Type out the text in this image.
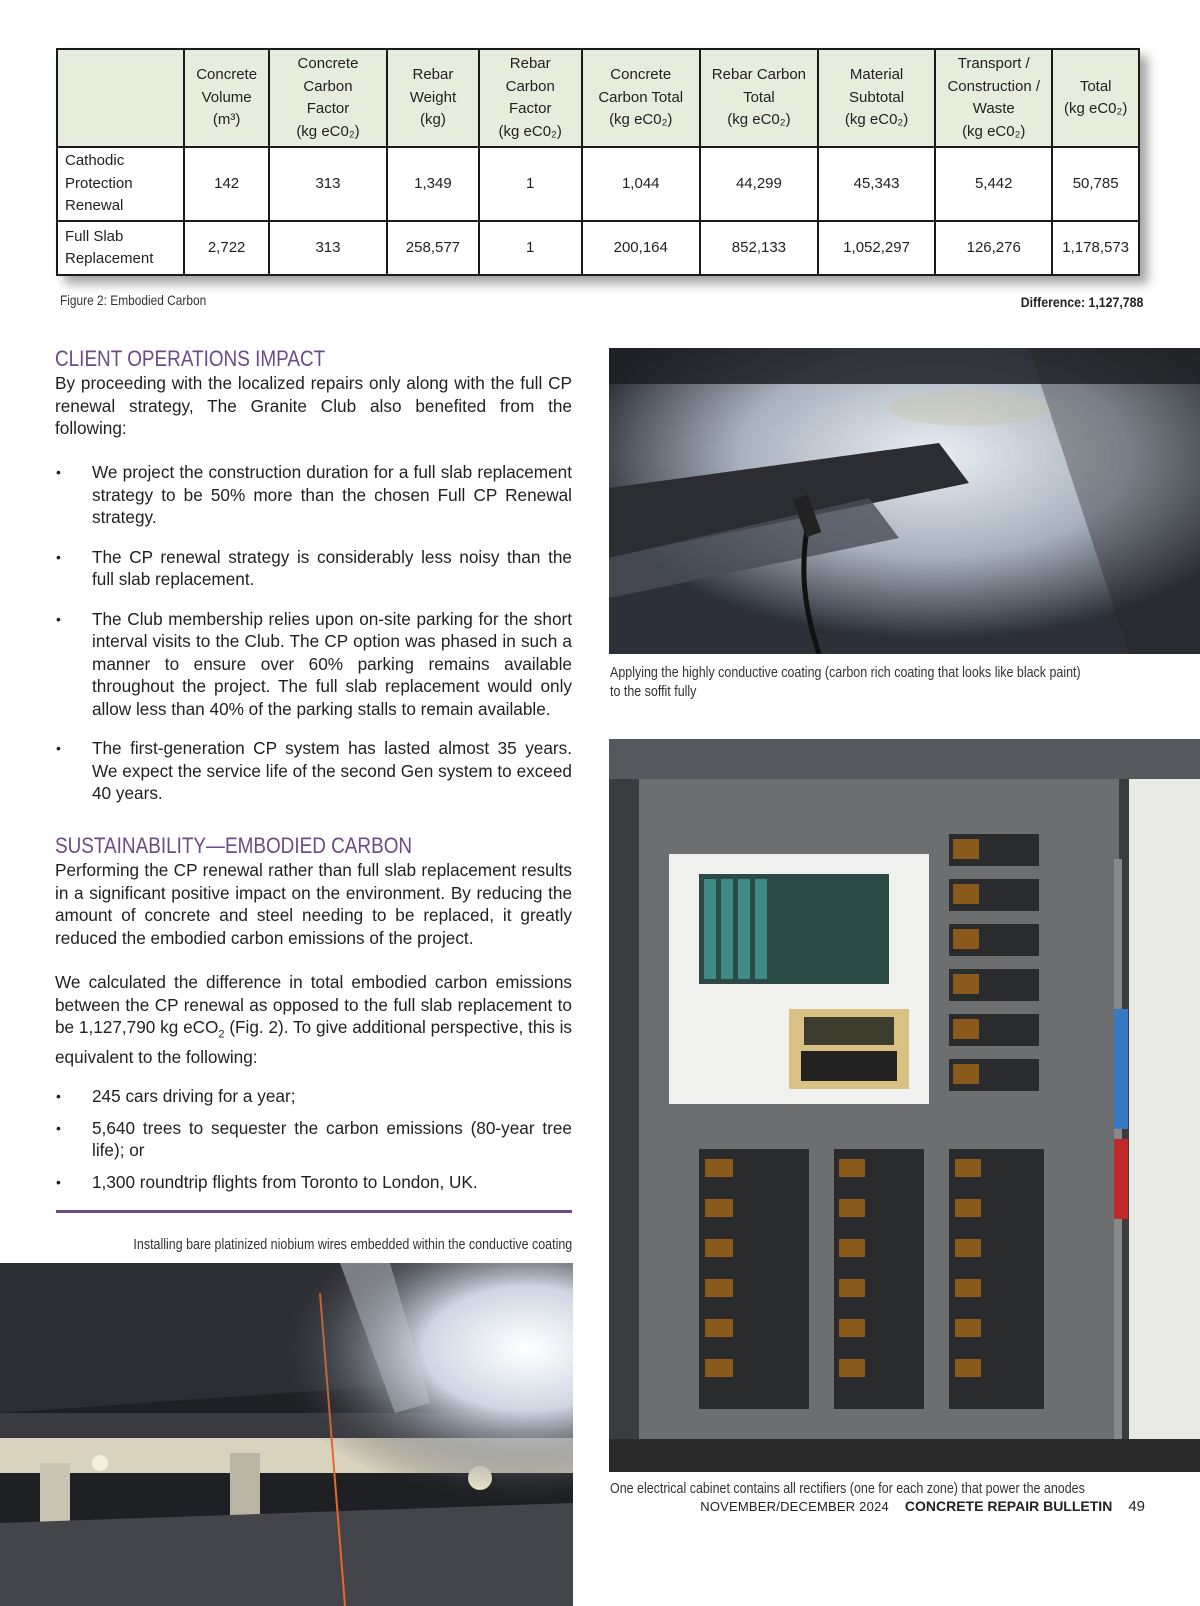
	Concrete
Volume
(m³)	Concrete
Carbon
Factor
(kg eC0₂)	Rebar
Weight
(kg)	Rebar
Carbon
Factor
(kg eC0₂)	Concrete
Carbon Total
(kg eC0₂)	Rebar Carbon
Total
(kg eC0₂)	Material
Subtotal
(kg eC0₂)	Transport /
Construction /
Waste
(kg eC0₂)	Total
(kg eC0₂)

Cathodic
Protection
Renewal	142	313	1,349	1	1,044	44,299	45,343	5,442	50,785

Full Slab
Replacement	2,722	313	258,577	1	200,164	852,133	1,052,297	126,276	1,178,573
Figure 2: Embodied Carbon	Difference: 1,127,788
CLIENT OPERATIONS IMPACT

By proceeding with the localized repairs only along with the full CP renewal strategy, The Granite Club also benefited from the following:

• We project the construction duration for a full slab replacement strategy to be 50% more than the chosen Full CP Renewal strategy.
• The CP renewal strategy is considerably less noisy than the full slab replacement.
• The Club membership relies upon on-site parking for the short interval visits to the Club. The CP option was phased in such a manner to ensure over 60% parking remains available throughout the project. The full slab replacement would only allow less than 40% of the parking stalls to remain available.
• The first-generation CP system has lasted almost 35 years. We expect the service life of the second Gen system to exceed 40 years.
SUSTAINABILITY—EMBODIED CARBON

Performing the CP renewal rather than full slab replacement results in a significant positive impact on the environment. By reducing the amount of concrete and steel needing to be replaced, it greatly reduced the embodied carbon emissions of the project.

We calculated the difference in total embodied carbon emissions between the CP renewal as opposed to the full slab replacement to be 1,127,790 kg eCO$_2$ (Fig. 2). To give additional perspective, this is equivalent to the following:

• 245 cars driving for a year;
• 5,640 trees to sequester the carbon emissions (80-year tree life); or
• 1,300 roundtrip flights from Toronto to London, UK.
Installing bare platinized niobium wires embedded within the conductive coating
Applying the highly conductive coating (carbon rich coating that looks like black paint) to the soffit fully
One electrical cabinet contains all rectifiers (one for each zone) that power the anodes
NOVEMBER/DECEMBER 2024 CONCRETE REPAIR BULLETIN 49
